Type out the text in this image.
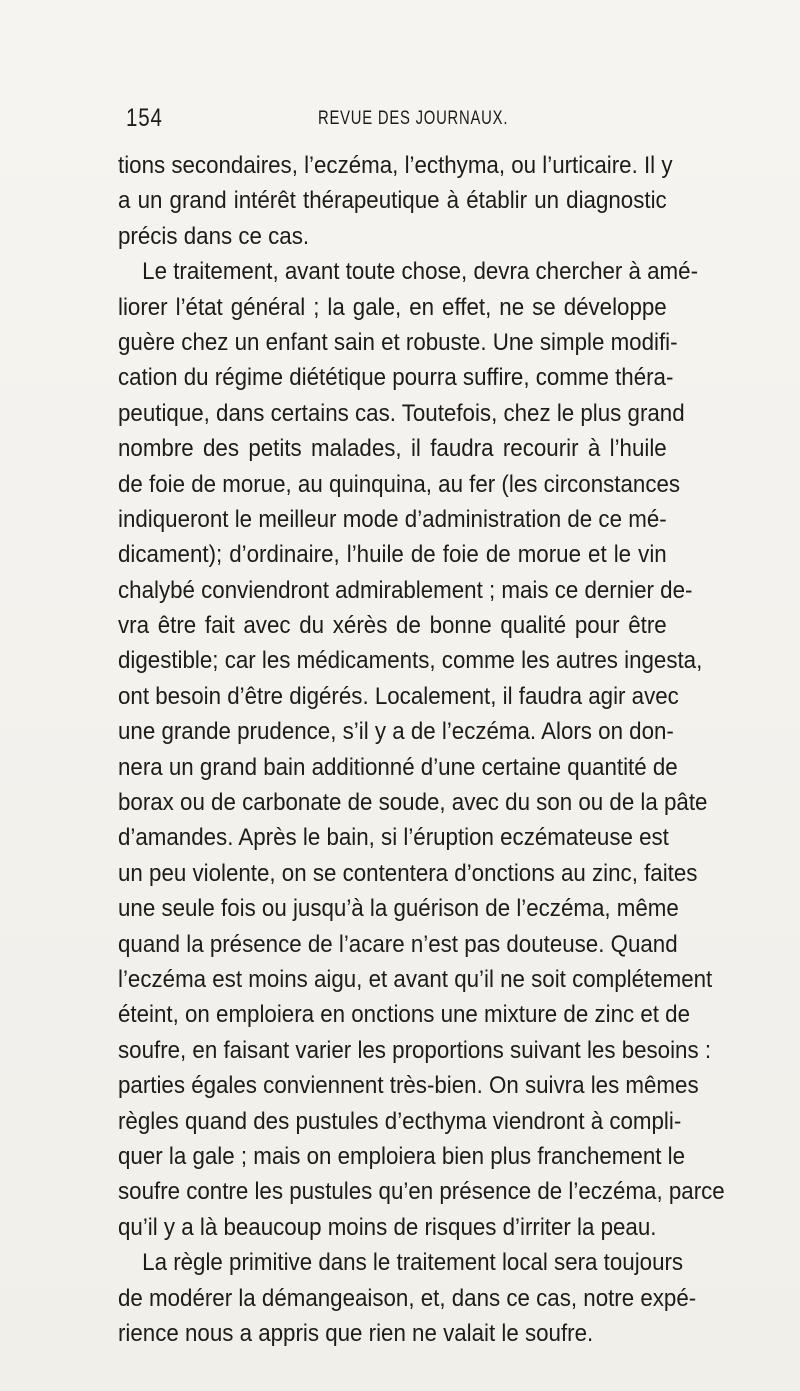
154	REVUE DES JOURNAUX.
tions secondaires, l’eczéma, l’ecthyma, ou l’urticaire. Il y
a un grand intérêt thérapeutique à établir un diagnostic
précis dans ce cas.
Le traitement, avant toute chose, devra chercher à amé-
liorer l’état général ; la gale, en effet, ne se développe
guère chez un enfant sain et robuste. Une simple modifi-
cation du régime diététique pourra suffire, comme théra-
peutique, dans certains cas. Toutefois, chez le plus grand
nombre des petits malades, il faudra recourir à l’huile
de foie de morue, au quinquina, au fer (les circonstances
indiqueront le meilleur mode d’administration de ce mé-
dicament); d’ordinaire, l’huile de foie de morue et le vin
chalybé conviendront admirablement ; mais ce dernier de-
vra être fait avec du xérès de bonne qualité pour être
digestible; car les médicaments, comme les autres ingesta,
ont besoin d’être digérés. Localement, il faudra agir avec
une grande prudence, s’il y a de l’eczéma. Alors on don-
nera un grand bain additionné d’une certaine quantité de
borax ou de carbonate de soude, avec du son ou de la pâte
d’amandes. Après le bain, si l’éruption eczémateuse est
un peu violente, on se contentera d’onctions au zinc, faites
une seule fois ou jusqu’à la guérison de l’eczéma, même
quand la présence de l’acare n’est pas douteuse. Quand
l’eczéma est moins aigu, et avant qu’il ne soit complétement
éteint, on emploiera en onctions une mixture de zinc et de
soufre, en faisant varier les proportions suivant les besoins :
parties égales conviennent très-bien. On suivra les mêmes
règles quand des pustules d’ecthyma viendront à compli-
quer la gale ; mais on emploiera bien plus franchement le
soufre contre les pustules qu’en présence de l’eczéma, parce
qu’il y a là beaucoup moins de risques d’irriter la peau.
La règle primitive dans le traitement local sera toujours
de modérer la démangeaison, et, dans ce cas, notre expé-
rience nous a appris que rien ne valait le soufre.
